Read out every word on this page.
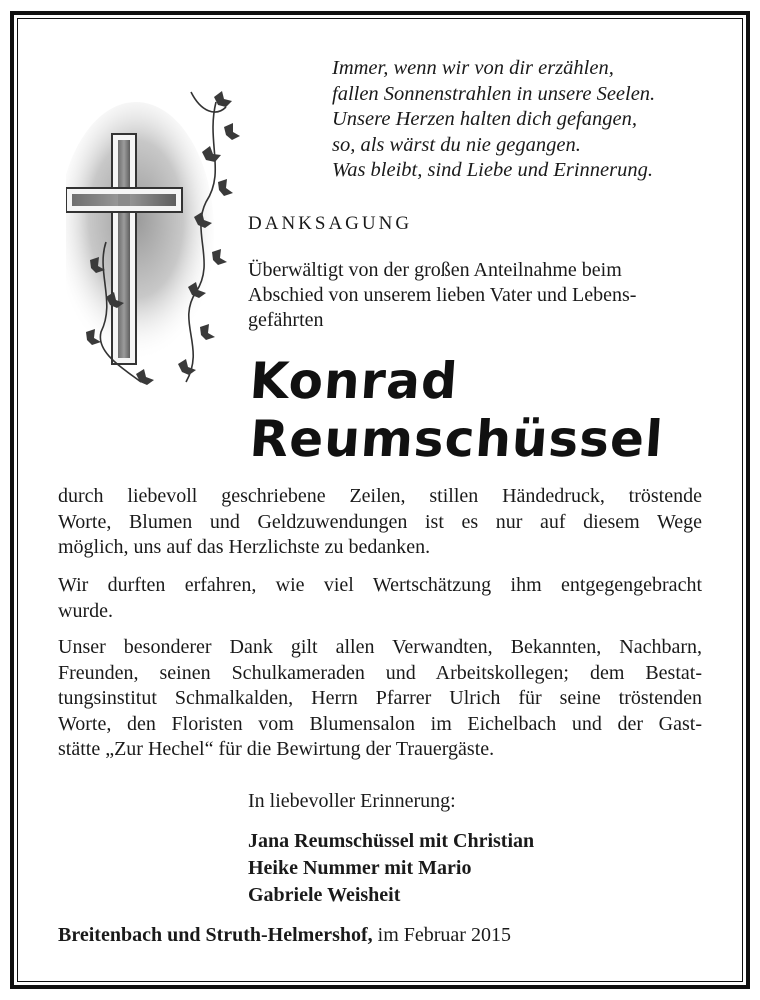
Immer, wenn wir von dir erzählen,
fallen Sonnenstrahlen in unsere Seelen.
Unsere Herzen halten dich gefangen,
so, als wärst du nie gegangen.
Was bleibt, sind Liebe und Erinnerung.
DANKSAGUNG
Überwältigt von der großen Anteilnahme beim
Abschied von unserem lieben Vater und Lebens-
gefährten
Konrad
Reumschüssel
durch liebevoll geschriebene Zeilen, stillen Händedruck, tröstende
Worte, Blumen und Geldzuwendungen ist es nur auf diesem Wege
möglich, uns auf das Herzlichste zu bedanken.
Wir durften erfahren, wie viel Wertschätzung ihm entgegengebracht
wurde.
Unser besonderer Dank gilt allen Verwandten, Bekannten, Nachbarn,
Freunden, seinen Schulkameraden und Arbeitskollegen; dem Bestat-
tungsinstitut Schmalkalden, Herrn Pfarrer Ulrich für seine tröstenden
Worte, den Floristen vom Blumensalon im Eichelbach und der Gast-
stätte „Zur Hechel“ für die Bewirtung der Trauergäste.
In liebevoller Erinnerung:
Jana Reumschüssel mit Christian
Heike Nummer mit Mario
Gabriele Weisheit
Breitenbach und Struth-Helmershof, im Februar 2015
